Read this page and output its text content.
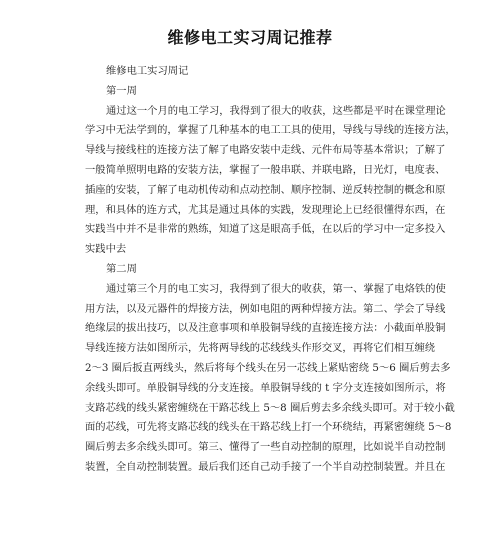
维修电工实习周记推荐
维修电工实习周记
第一周
通过这一个月的电工学习，我得到了很大的收获，这些都是平时在课堂理论
学习中无法学到的，掌握了几种基本的电工工具的使用，导线与导线的连接方法，
导线与接线柱的连接方法了解了电路安装中走线、元件布局等基本常识；了解了
一般简单照明电路的安装方法，掌握了一般串联、并联电路，日光灯，电度表、
插座的安装，了解了电动机传动和点动控制、顺序控制、逆反转控制的概念和原
理，和具体的连方式，尤其是通过具体的实践，发现理论上已经很懂得东西，在
实践当中并不是非常的熟练，知道了这是眼高手低，在以后的学习中一定多投入
实践中去
第二周
通过第三个月的电工实习，我得到了很大的收获，第一、掌握了电烙铁的使
用方法，以及元器件的焊接方法，例如电阻的两种焊接方法。第二、学会了导线
绝缘层的拔出技巧，以及注意事项和单股铜导线的直接连接方法：小截面单股铜
导线连接方法如图所示，先将两导线的芯线线头作形交叉，再将它们相互缠绕
2～3 圈后扳直两线头，然后将每个线头在另一芯线上紧贴密绕 5～6 圈后剪去多
余线头即可。单股铜导线的分支连接。单股铜导线的 t 字分支连接如图所示，将
支路芯线的线头紧密缠绕在干路芯线上 5～8 圈后剪去多余线头即可。对于较小截
面的芯线，可先将支路芯线的线头在干路芯线上打一个环绕结，再紧密缠绕 5～8
圈后剪去多余线头即可。第三、懂得了一些自动控制的原理，比如说半自动控制
装置，全自动控制装置。最后我们还自己动手接了一个半自动控制装置。并且在
